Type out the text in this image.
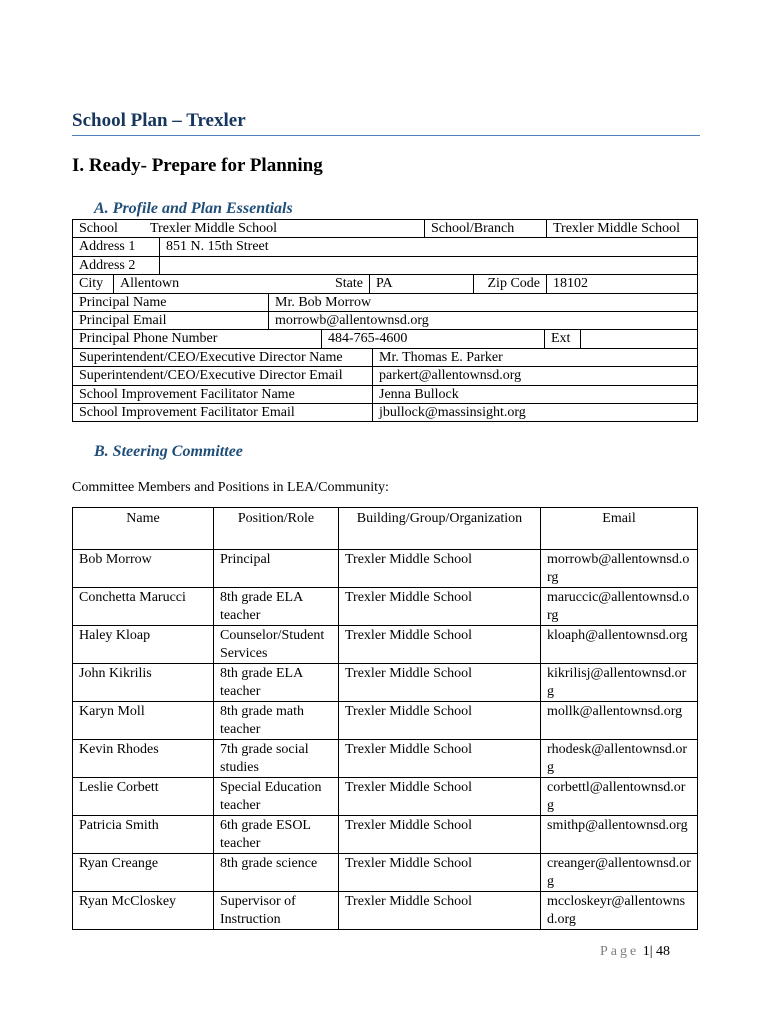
School Plan – Trexler
I. Ready- Prepare for Planning
A. Profile and Plan Essentials
School	Trexler Middle School	School/Branch	Trexler Middle School
Address 1	851 N. 15th Street
Address 2
City	Allentown	State PA	Zip Code 18102
Principal Name	Mr. Bob Morrow
Principal Email	morrowb@allentownsd.org
Principal Phone Number	484-765-4600	Ext
Superintendent/CEO/Executive Director Name	Mr. Thomas E. Parker
Superintendent/CEO/Executive Director Email	parkert@allentownsd.org
School Improvement Facilitator Name	Jenna Bullock
School Improvement Facilitator Email	jbullock@massinsight.org
B. Steering Committee
Committee Members and Positions in LEA/Community:
Name	Position/Role	Building/Group/Organization	Email
Bob Morrow	Principal	Trexler Middle School	morrowb@allentownsd.org
Conchetta Marucci	8th grade ELA teacher	Trexler Middle School	maruccic@allentownsd.org
Haley Kloap	Counselor/Student Services	Trexler Middle School	kloaph@allentownsd.org
John Kikrilis	8th grade ELA teacher	Trexler Middle School	kikrilisj@allentownsd.org
Karyn Moll	8th grade math teacher	Trexler Middle School	mollk@allentownsd.org
Kevin Rhodes	7th grade social studies	Trexler Middle School	rhodesk@allentownsd.org
Leslie Corbett	Special Education teacher	Trexler Middle School	corbettl@allentownsd.org
Patricia Smith	6th grade ESOL teacher	Trexler Middle School	smithp@allentownsd.org
Ryan Creange	8th grade science	Trexler Middle School	creanger@allentownsd.org
Ryan McCloskey	Supervisor of Instruction	Trexler Middle School	mccloskeyr@allentownsd.org
Page 1| 48
